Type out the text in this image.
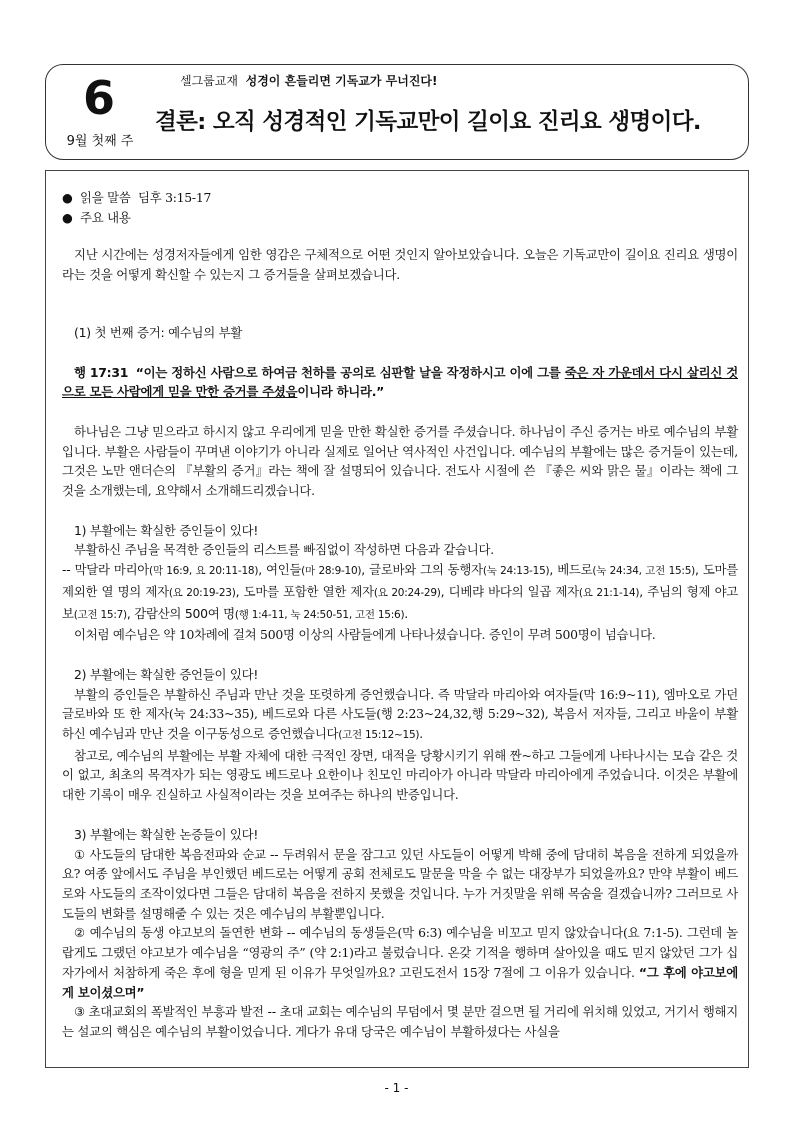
6
9월 첫째 주
셀그룹교재 성경이 흔들리면 기독교가 무너진다!
결론: 오직 성경적인 기독교만이 길이요 진리요 생명이다.

● 읽을 말씀 딤후 3:15-17

● 주요 내용

지난 시간에는 성경저자들에게 임한 영감은 구체적으로 어떤 것인지 알아보았습니다. 오늘은 기독교만이 길이요 진리요 생명이라는 것을 어떻게 확신할 수 있는지 그 증거들을 살펴보겠습니다.

(1) 첫 번째 증거: 예수님의 부활

행 17:31 “이는 정하신 사람으로 하여금 천하를 공의로 심판할 날을 작정하시고 이에 그를 죽은 자 가운데서 다시 살리신 것으로 모든 사람에게 믿을 만한 증거를 주셨음이니라 하니라.”

하나님은 그냥 믿으라고 하시지 않고 우리에게 믿을 만한 확실한 증거를 주셨습니다. 하나님이 주신 증거는 바로 예수님의 부활입니다. 부활은 사람들이 꾸며낸 이야기가 아니라 실제로 일어난 역사적인 사건입니다. 예수님의 부활에는 많은 증거들이 있는데, 그것은 노만 앤더슨의 『부활의 증거』라는 책에 잘 설명되어 있습니다. 전도사 시절에 쓴 『좋은 씨와 맑은 물』이라는 책에 그것을 소개했는데, 요약해서 소개해드리겠습니다.

1) 부활에는 확실한 증인들이 있다!

부활하신 주님을 목격한 증인들의 리스트를 빠짐없이 작성하면 다음과 같습니다.

-- 막달라 마리아(막 16:9, 요 20:11-18), 여인들(마 28:9-10), 글로바와 그의 동행자(눅 24:13-15), 베드로(눅 24:34, 고전 15:5), 도마를 제외한 열 명의 제자(요 20:19-23), 도마를 포함한 열한 제자(요 20:24-29), 디베랴 바다의 일곱 제자(요 21:1-14), 주님의 형제 야고보(고전 15:7), 감람산의 500여 명(행 1:4-11, 눅 24:50-51, 고전 15:6).

이처럼 예수님은 약 10차례에 걸쳐 500명 이상의 사람들에게 나타나셨습니다. 증인이 무려 500명이 넘습니다.

2) 부활에는 확실한 증언들이 있다!

부활의 증인들은 부활하신 주님과 만난 것을 또렷하게 증언했습니다. 즉 막달라 마리아와 여자들(막 16:9~11), 엠마오로 가던 글로바와 또 한 제자(눅 24:33~35), 베드로와 다른 사도들(행 2:23~24,32,행 5:29~32), 복음서 저자들, 그리고 바울이 부활하신 예수님과 만난 것을 이구동성으로 증언했습니다(고전 15:12~15).

참고로, 예수님의 부활에는 부활 자체에 대한 극적인 장면, 대적을 당황시키기 위해 짠~하고 그들에게 나타나시는 모습 같은 것이 없고, 최초의 목격자가 되는 영광도 베드로나 요한이나 친모인 마리아가 아니라 막달라 마리아에게 주었습니다. 이것은 부활에 대한 기록이 매우 진실하고 사실적이라는 것을 보여주는 하나의 반증입니다.

3) 부활에는 확실한 논증들이 있다!

① 사도들의 담대한 복음전파와 순교 -- 두려워서 문을 잠그고 있던 사도들이 어떻게 박해 중에 담대히 복음을 전하게 되었을까요? 여종 앞에서도 주님을 부인했던 베드로는 어떻게 공회 전체로도 말문을 막을 수 없는 대장부가 되었을까요? 만약 부활이 베드로와 사도들의 조작이었다면 그들은 담대히 복음을 전하지 못했을 것입니다. 누가 거짓말을 위해 목숨을 걸겠습니까? 그러므로 사도들의 변화를 설명해줄 수 있는 것은 예수님의 부활뿐입니다.

② 예수님의 동생 야고보의 돌연한 변화 -- 예수님의 동생들은(막 6:3) 예수님을 비꼬고 믿지 않았습니다(요 7:1-5). 그런데 놀랍게도 그랬던 야고보가 예수님을 “영광의 주” (약 2:1)라고 불렀습니다. 온갖 기적을 행하며 살아있을 때도 믿지 않았던 그가 십자가에서 처참하게 죽은 후에 형을 믿게 된 이유가 무엇일까요? 고린도전서 15장 7절에 그 이유가 있습니다. “그 후에 야고보에게 보이셨으며”

③ 초대교회의 폭발적인 부흥과 발전 -- 초대 교회는 예수님의 무덤에서 몇 분만 걸으면 될 거리에 위치해 있었고, 거기서 행해지는 설교의 핵심은 예수님의 부활이었습니다. 게다가 유대 당국은 예수님이 부활하셨다는 사실을

- 1 -
